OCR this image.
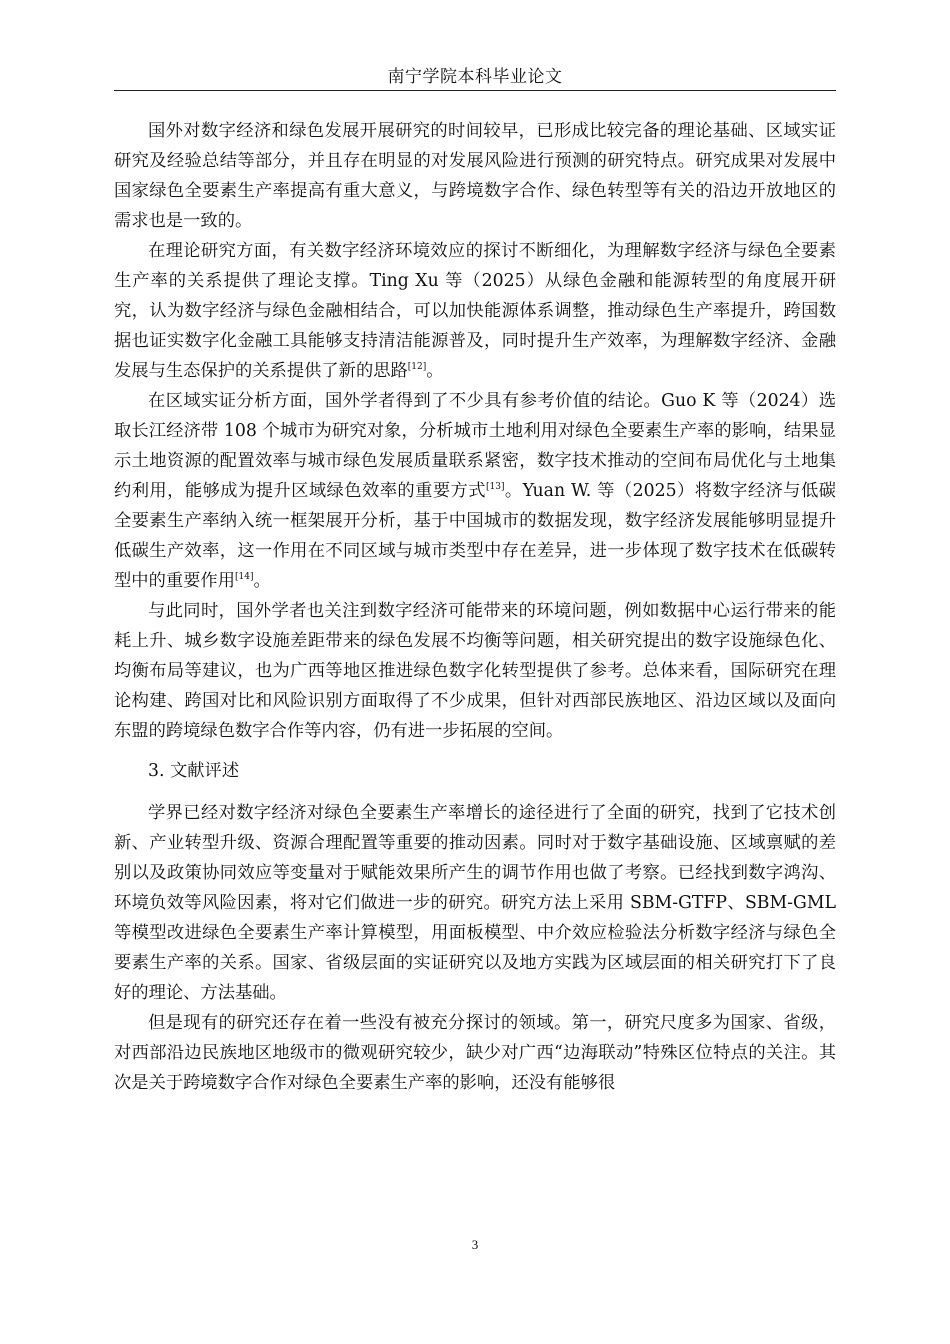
南宁学院本科毕业论文

国外对数字经济和绿色发展开展研究的时间较早，已形成比较完备的理论基础、区域实证研究及经验总结等部分，并且存在明显的对发展风险进行预测的研究特点。研究成果对发展中国家绿色全要素生产率提高有重大意义，与跨境数字合作、绿色转型等有关的沿边开放地区的需求也是一致的。

在理论研究方面，有关数字经济环境效应的探讨不断细化，为理解数字经济与绿色全要素生产率的关系提供了理论支撑。Ting Xu 等（2025）从绿色金融和能源转型的角度展开研究，认为数字经济与绿色金融相结合，可以加快能源体系调整，推动绿色生产率提升，跨国数据也证实数字化金融工具能够支持清洁能源普及，同时提升生产效率，为理解数字经济、金融发展与生态保护的关系提供了新的思路[12]。

在区域实证分析方面，国外学者得到了不少具有参考价值的结论。Guo K 等（2024）选取长江经济带 108 个城市为研究对象，分析城市土地利用对绿色全要素生产率的影响，结果显示土地资源的配置效率与城市绿色发展质量联系紧密，数字技术推动的空间布局优化与土地集约利用，能够成为提升区域绿色效率的重要方式[13]。Yuan W. 等（2025）将数字经济与低碳全要素生产率纳入统一框架展开分析，基于中国城市的数据发现，数字经济发展能够明显提升低碳生产效率，这一作用在不同区域与城市类型中存在差异，进一步体现了数字技术在低碳转型中的重要作用[14]。

与此同时，国外学者也关注到数字经济可能带来的环境问题，例如数据中心运行带来的能耗上升、城乡数字设施差距带来的绿色发展不均衡等问题，相关研究提出的数字设施绿色化、均衡布局等建议，也为广西等地区推进绿色数字化转型提供了参考。总体来看，国际研究在理论构建、跨国对比和风险识别方面取得了不少成果，但针对西部民族地区、沿边区域以及面向东盟的跨境绿色数字合作等内容，仍有进一步拓展的空间。

3. 文献评述

学界已经对数字经济对绿色全要素生产率增长的途径进行了全面的研究，找到了它技术创新、产业转型升级、资源合理配置等重要的推动因素。同时对于数字基础设施、区域禀赋的差别以及政策协同效应等变量对于赋能效果所产生的调节作用也做了考察。已经找到数字鸿沟、环境负效等风险因素，将对它们做进一步的研究。研究方法上采用 SBM-GTFP、SBM-GML 等模型改进绿色全要素生产率计算模型，用面板模型、中介效应检验法分析数字经济与绿色全要素生产率的关系。国家、省级层面的实证研究以及地方实践为区域层面的相关研究打下了良好的理论、方法基础。

但是现有的研究还存在着一些没有被充分探讨的领域。第一，研究尺度多为国家、省级，对西部沿边民族地区地级市的微观研究较少，缺少对广西“边海联动”特殊区位特点的关注。其次是关于跨境数字合作对绿色全要素生产率的影响，还没有能够很

3
